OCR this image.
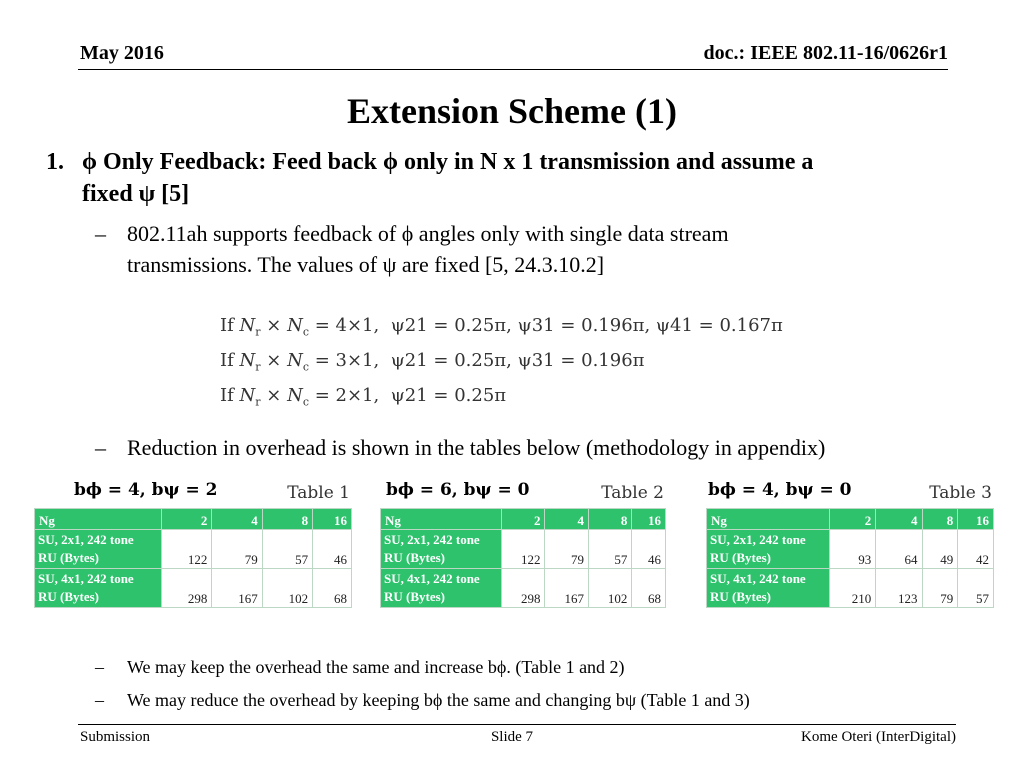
May 2016	doc.: IEEE 802.11-16/0626r1
Extension Scheme (1)
1. ϕ Only Feedback: Feed back ϕ only in N x 1 transmission and assume a
fixed ψ [5]
– 802.11ah supports feedback of ϕ angles only with single data stream
transmissions. The values of ψ are fixed [5, 24.3.10.2]
If $N_r \times N_c = 4\times 1$, ψ21 = 0.25π, ψ31 = 0.196π, ψ41 = 0.167π
If $N_r \times N_c = 3\times 1$, ψ21 = 0.25π, ψ31 = 0.196π
If $N_r \times N_c = 2\times 1$, ψ21 = 0.25π
– Reduction in overhead is shown in the tables below (methodology in appendix)
bϕ = 4, bψ = 2	Table 1
Ng	2	4	8	16

SU, 2x1, 242 tone
RU (Bytes)	122	79	57	46

SU, 4x1, 242 tone
RU (Bytes)	298	167	102	68
bϕ = 6, bψ = 0	Table 2
Ng	2	4	8	16

SU, 2x1, 242 tone
RU (Bytes)	122	79	57	46

SU, 4x1, 242 tone
RU (Bytes)	298	167	102	68
bϕ = 4, bψ = 0	Table 3
Ng	2	4	8	16

SU, 2x1, 242 tone
RU (Bytes)	93	64	49	42

SU, 4x1, 242 tone
RU (Bytes)	210	123	79	57
– We may keep the overhead the same and increase bϕ. (Table 1 and 2)
– We may reduce the overhead by keeping bϕ the same and changing bψ (Table 1 and 3)
Submission	Slide 7	Kome Oteri (InterDigital)
